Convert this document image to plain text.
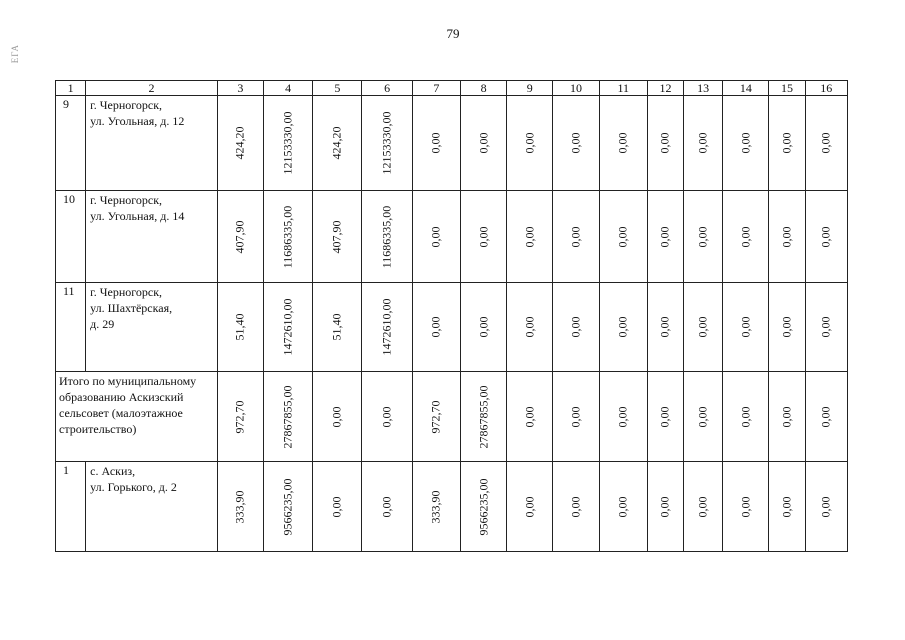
79
ЕГА
1	2	3	4	5	6	7	8	9	10	11	12	13	14	15	16
9	г. Черногорск,
ул. Угольная, д. 12	424,20	12153330,00	424,20	12153330,00	0,00	0,00	0,00	0,00	0,00	0,00	0,00	0,00	0,00	0,00

10	г. Черногорск,
ул. Угольная, д. 14	407,90	11686335,00	407,90	11686335,00	0,00	0,00	0,00	0,00	0,00	0,00	0,00	0,00	0,00	0,00

11	г. Черногорск,
ул. Шахтёрская,
д. 29	51,40	1472610,00	51,40	1472610,00	0,00	0,00	0,00	0,00	0,00	0,00	0,00	0,00	0,00	0,00

Итого по муниципальному
образованию Аскизский
сельсовет (малоэтажное
строительство)		972,70	27867855,00	0,00	0,00	972,70	27867855,00	0,00	0,00	0,00	0,00	0,00	0,00	0,00	0,00

1	с. Аскиз,
ул. Горького, д. 2	333,90	9566235,00	0,00	0,00	333,90	9566235,00	0,00	0,00	0,00	0,00	0,00	0,00	0,00	0,00
